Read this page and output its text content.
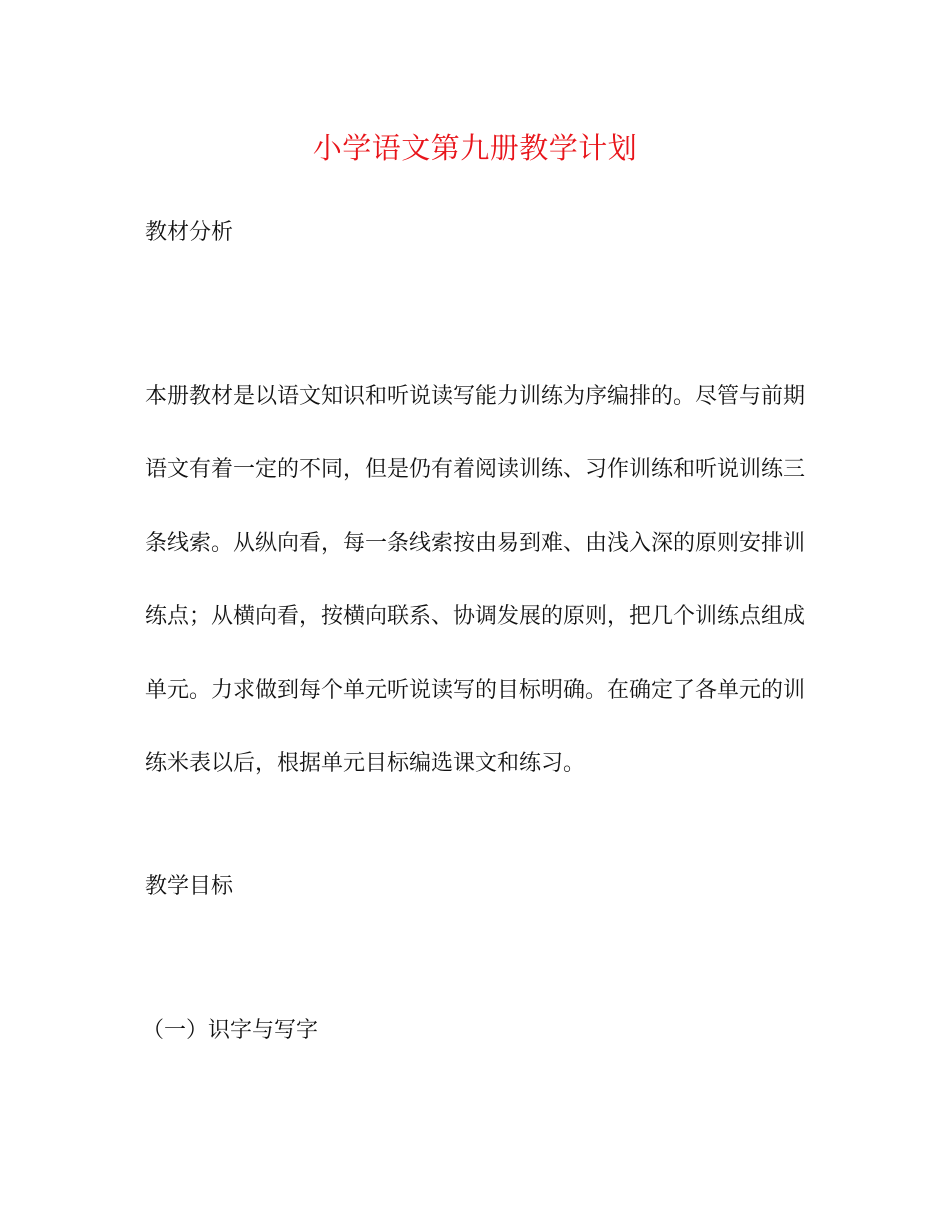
小学语文第九册教学计划
教材分析

本册教材是以语文知识和听说读写能力训练为序编排的。尽管与前期语文有着一定的不同，但是仍有着阅读训练、习作训练和听说训练三条线索。从纵向看，每一条线索按由易到难、由浅入深的原则安排训练点；从横向看，按横向联系、协调发展的原则，把几个训练点组成单元。力求做到每个单元听说读写的目标明确。在确定了各单元的训练米表以后，根据单元目标编选课文和练习。

教学目标
（一）识字与写字
